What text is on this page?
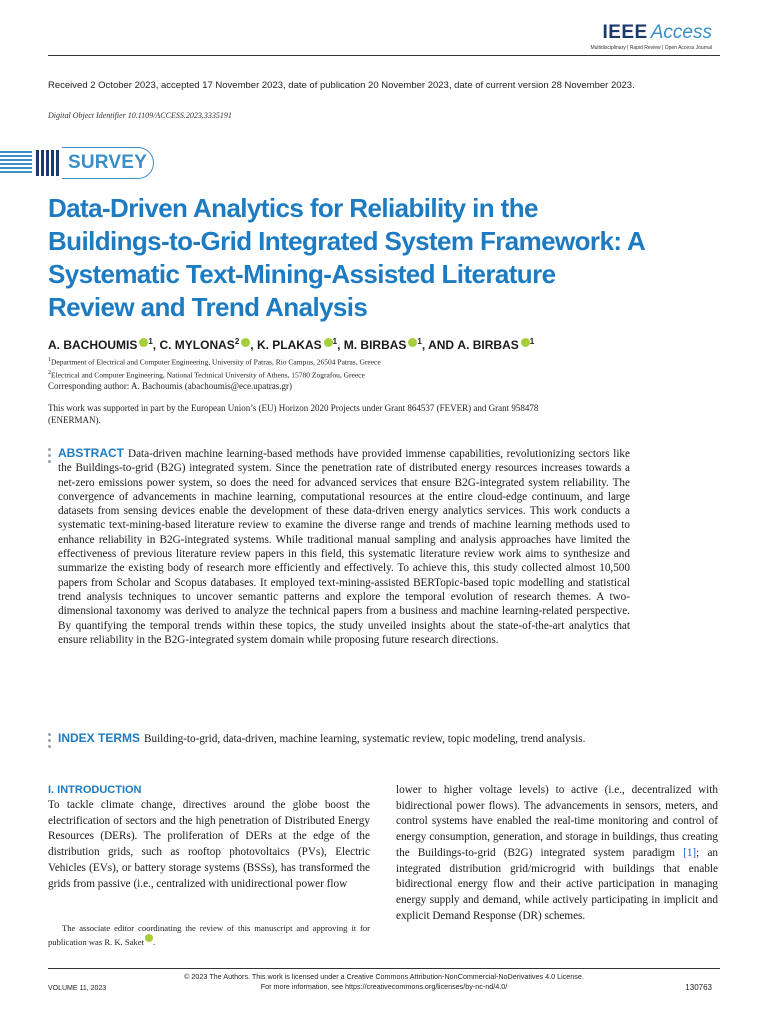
IEEE Access
Multidisciplinary | Rapid Review | Open Access Journal
Received 2 October 2023, accepted 17 November 2023, date of publication 20 November 2023, date of current version 28 November 2023.
Digital Object Identifier 10.1109/ACCESS.2023.3335191
SURVEY
Data-Driven Analytics for Reliability in the Buildings-to-Grid Integrated System Framework: A Systematic Text-Mining-Assisted Literature Review and Trend Analysis
A. BACHOUMIS 1 , C. MYLONAS 2 , K. PLAKAS 1 , M. BIRBAS 1 , AND A. BIRBAS 1
$^1$Department of Electrical and Computer Engineering, University of Patras, Rio Campus, 26504 Patras, Greece
$^2$Electrical and Computer Engineering, National Technical University of Athens, 15780 Zografou, Greece
Corresponding author: A. Bachoumis (abachoumis@ece.upatras.gr)
This work was supported in part by the European Union’s (EU) Horizon 2020 Projects under Grant 864537 (FEVER) and Grant 958478 (ENERMAN).
ABSTRACT Data-driven machine learning-based methods have provided immense capabilities, revolutionizing sectors like the Buildings-to-grid (B2G) integrated system. Since the penetration rate of distributed energy resources increases towards a net-zero emissions power system, so does the need for advanced services that ensure B2G-integrated system reliability. The convergence of advancements in machine learning, computational resources at the entire cloud-edge continuum, and large datasets from sensing devices enable the development of these data-driven energy analytics services. This work conducts a systematic text-mining-based literature review to examine the diverse range and trends of machine learning methods used to enhance reliability in B2G-integrated systems. While traditional manual sampling and analysis approaches have limited the effectiveness of previous literature review papers in this field, this systematic literature review work aims to synthesize and summarize the existing body of research more efficiently and effectively. To achieve this, this study collected almost 10,500 papers from Scholar and Scopus databases. It employed text-mining-assisted BERTopic-based topic modelling and statistical trend analysis techniques to uncover semantic patterns and explore the temporal evolution of research themes. A two-dimensional taxonomy was derived to analyze the technical papers from a business and machine learning-related perspective. By quantifying the temporal trends within these topics, the study unveiled insights about the state-of-the-art analytics that ensure reliability in the B2G-integrated system domain while proposing future research directions.
INDEX TERMS Building-to-grid, data-driven, machine learning, systematic review, topic modeling, trend analysis.
I. INTRODUCTION

To tackle climate change, directives around the globe boost the electrification of sectors and the high penetration of Distributed Energy Resources (DERs). The proliferation of DERs at the edge of the distribution grids, such as rooftop photovoltaics (PVs), Electric Vehicles (EVs), or battery storage systems (BSSs), has transformed the grids from passive (i.e., centralized with unidirectional power flow

lower to higher voltage levels) to active (i.e., decentralized with bidirectional power flows). The advancements in sensors, meters, and control systems have enabled the real-time monitoring and control of energy consumption, generation, and storage in buildings, thus creating the Buildings-to-grid (B2G) integrated system paradigm [1]; an integrated distribution grid/microgrid with buildings that enable bidirectional energy flow and their active participation in managing energy supply and demand, while actively participating in implicit and explicit Demand Response (DR) schemes.

The associate editor coordinating the review of this manuscript and approving it for publication was R. K. Saket .
VOLUME 11, 2023
© 2023 The Authors. This work is licensed under a Creative Commons Attribution-NonCommercial-NoDerivatives 4.0 License.
For more information, see https://creativecommons.org/licenses/by-nc-nd/4.0/	130763
